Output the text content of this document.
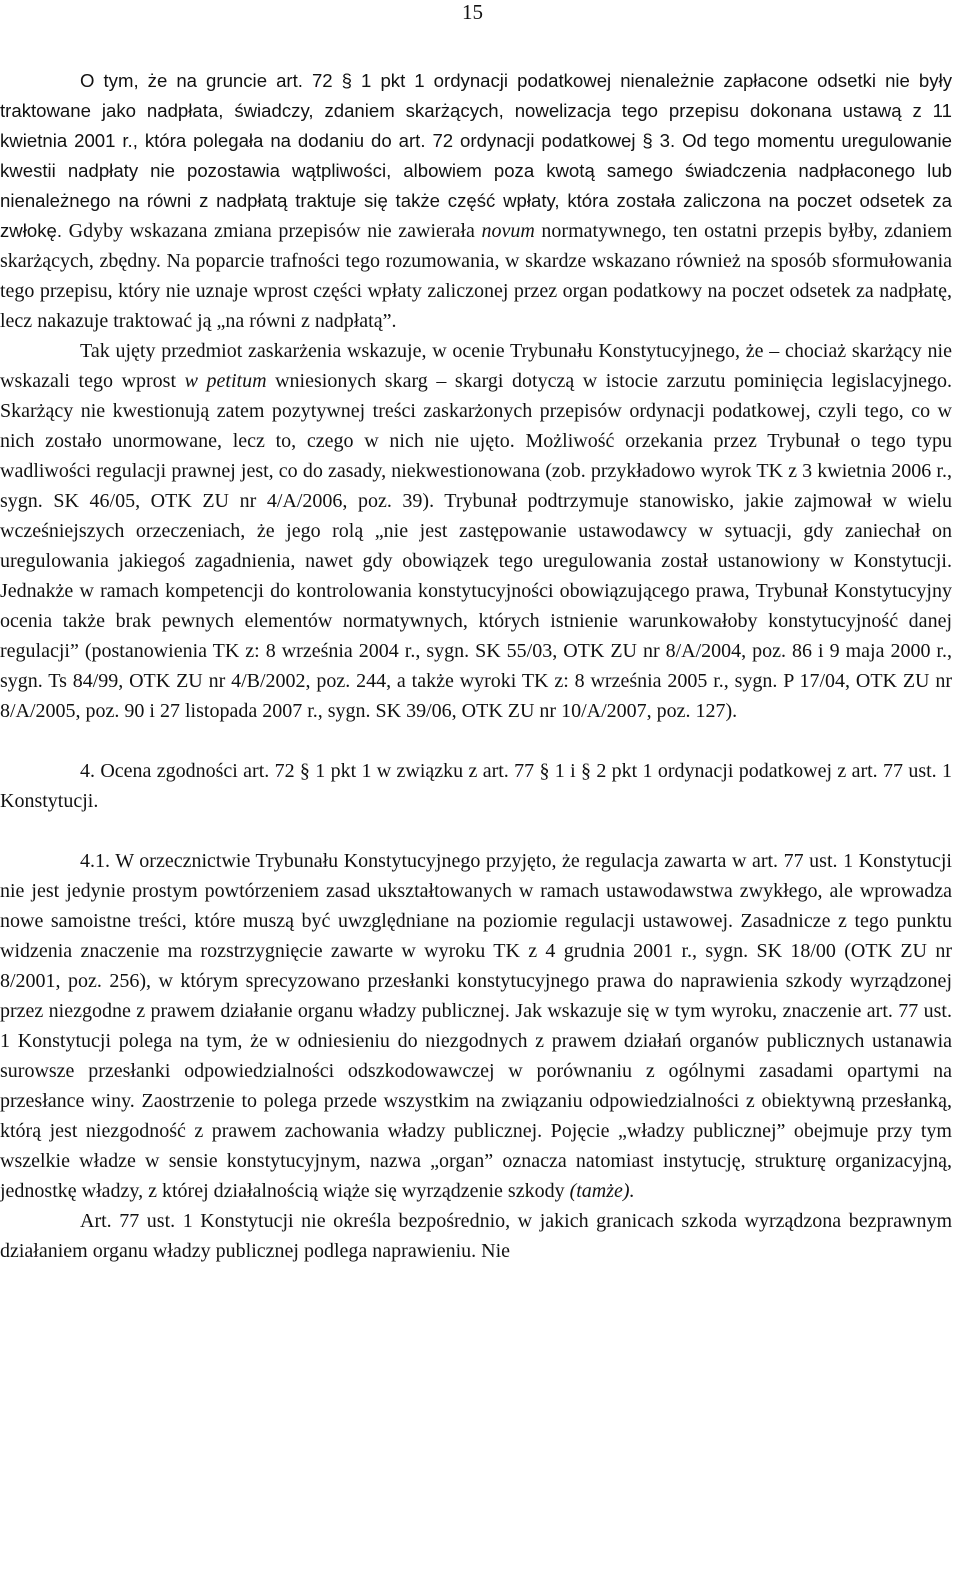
15

O tym, że na gruncie art. 72 § 1 pkt 1 ordynacji podatkowej nienależnie zapłacone odsetki nie były traktowane jako nadpłata, świadczy, zdaniem skarżących, nowelizacja tego przepisu dokonana ustawą z 11 kwietnia 2001 r., która polegała na dodaniu do art. 72 ordynacji podatkowej § 3. Od tego momentu uregulowanie kwestii nadpłaty nie pozostawia wątpliwości, albowiem poza kwotą samego świadczenia nadpłaconego lub nienależnego na równi z nadpłatą traktuje się także część wpłaty, która została zaliczona na poczet odsetek za zwłokę. Gdyby wskazana zmiana przepisów nie zawierała novum normatywnego, ten ostatni przepis byłby, zdaniem skarżących, zbędny. Na poparcie trafności tego rozumowania, w skardze wskazano również na sposób sformułowania tego przepisu, który nie uznaje wprost części wpłaty zaliczonej przez organ podatkowy na poczet odsetek za nadpłatę, lecz nakazuje traktować ją „na równi z nadpłatą”.

Tak ujęty przedmiot zaskarżenia wskazuje, w ocenie Trybunału Konstytucyjnego, że – chociaż skarżący nie wskazali tego wprost w petitum wniesionych skarg – skargi dotyczą w istocie zarzutu pominięcia legislacyjnego. Skarżący nie kwestionują zatem pozytywnej treści zaskarżonych przepisów ordynacji podatkowej, czyli tego, co w nich zostało unormowane, lecz to, czego w nich nie ujęto. Możliwość orzekania przez Trybunał o tego typu wadliwości regulacji prawnej jest, co do zasady, niekwestionowana (zob. przykładowo wyrok TK z 3 kwietnia 2006 r., sygn. SK 46/05, OTK ZU nr 4/A/2006, poz. 39). Trybunał podtrzymuje stanowisko, jakie zajmował w wielu wcześniejszych orzeczeniach, że jego rolą „nie jest zastępowanie ustawodawcy w sytuacji, gdy zaniechał on uregulowania jakiegoś zagadnienia, nawet gdy obowiązek tego uregulowania został ustanowiony w Konstytucji. Jednakże w ramach kompetencji do kontrolowania konstytucyjności obowiązującego prawa, Trybunał Konstytucyjny ocenia także brak pewnych elementów normatywnych, których istnienie warunkowałoby konstytucyjność danej regulacji” (postanowienia TK z: 8 września 2004 r., sygn. SK 55/03, OTK ZU nr 8/A/2004, poz. 86 i 9 maja 2000 r., sygn. Ts 84/99, OTK ZU nr 4/B/2002, poz. 244, a także wyroki TK z: 8 września 2005 r., sygn. P 17/04, OTK ZU nr 8/A/2005, poz. 90 i 27 listopada 2007 r., sygn. SK 39/06, OTK ZU nr 10/A/2007, poz. 127).

4. Ocena zgodności art. 72 § 1 pkt 1 w związku z art. 77 § 1 i § 2 pkt 1 ordynacji podatkowej z art. 77 ust. 1 Konstytucji.

4.1. W orzecznictwie Trybunału Konstytucyjnego przyjęto, że regulacja zawarta w art. 77 ust. 1 Konstytucji nie jest jedynie prostym powtórzeniem zasad ukształtowanych w ramach ustawodawstwa zwykłego, ale wprowadza nowe samoistne treści, które muszą być uwzględniane na poziomie regulacji ustawowej. Zasadnicze z tego punktu widzenia znaczenie ma rozstrzygnięcie zawarte w wyroku TK z 4 grudnia 2001 r., sygn. SK 18/00 (OTK ZU nr 8/2001, poz. 256), w którym sprecyzowano przesłanki konstytucyjnego prawa do naprawienia szkody wyrządzonej przez niezgodne z prawem działanie organu władzy publicznej. Jak wskazuje się w tym wyroku, znaczenie art. 77 ust. 1 Konstytucji polega na tym, że w odniesieniu do niezgodnych z prawem działań organów publicznych ustanawia surowsze przesłanki odpowiedzialności odszkodowawczej w porównaniu z ogólnymi zasadami opartymi na przesłance winy. Zaostrzenie to polega przede wszystkim na związaniu odpowiedzialności z obiektywną przesłanką, którą jest niezgodność z prawem zachowania władzy publicznej. Pojęcie „władzy publicznej” obejmuje przy tym wszelkie władze w sensie konstytucyjnym, nazwa „organ” oznacza natomiast instytucję, strukturę organizacyjną, jednostkę władzy, z której działalnością wiąże się wyrządzenie szkody (tamże).

Art. 77 ust. 1 Konstytucji nie określa bezpośrednio, w jakich granicach szkoda wyrządzona bezprawnym działaniem organu władzy publicznej podlega naprawieniu. Nie
